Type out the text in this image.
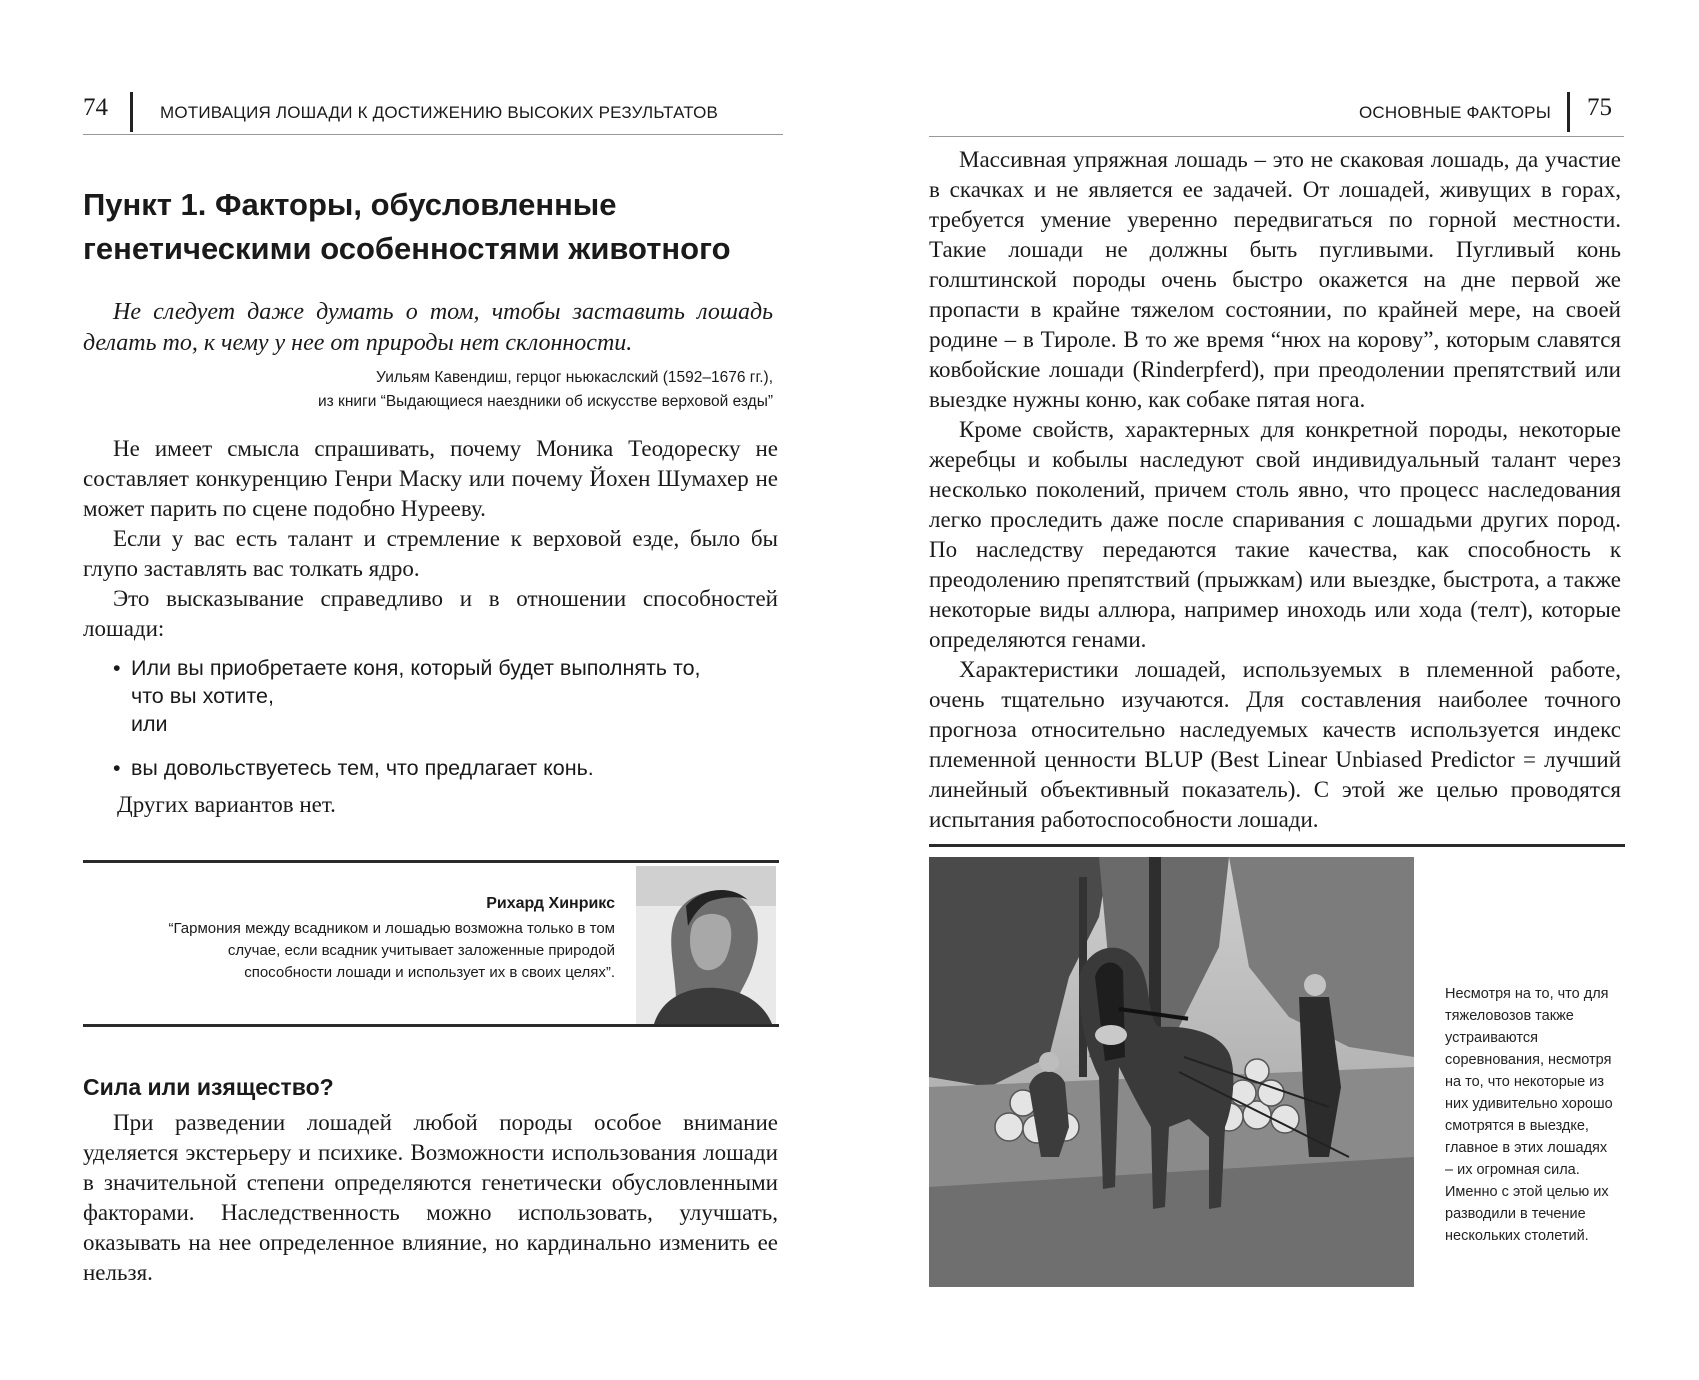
74	МОТИВАЦИЯ ЛОШАДИ К ДОСТИЖЕНИЮ ВЫСОКИХ РЕЗУЛЬТАТОВ
Пункт 1. Факторы, обусловленные
генетическими особенностями животного
Не следует даже думать о том, чтобы заставить лошадь делать то, к чему у нее от природы нет склонности.
Уильям Кавендиш, герцог ньюкаслский (1592–1676 гг.),
из книги “Выдающиеся наездники об искусстве верховой езды”
Не имеет смысла спрашивать, почему Моника Теодореску не составляет конкуренцию Генри Маску или почему Йохен Шумахер не может парить по сцене подобно Нурееву.
Если у вас есть талант и стремление к верховой езде, было бы глупо заставлять вас толкать ядро.
Это высказывание справедливо и в отношении способностей лошади:
• Или вы приобретаете коня, который будет выполнять то,
что вы хотите,
или
• вы довольствуетесь тем, что предлагает конь.
Других вариантов нет.
Рихард Хинрикс
“Гармония между всадником и лошадью возможна только в том случае, если всадник учитывает заложенные природой способности лошади и использует их в своих целях”.
Сила или изящество?
При разведении лошадей любой породы особое внимание уделяется экстерьеру и психике. Возможности использования лошади в значительной степени определяются генетически обусловленными факторами. Наследственность можно использовать, улучшать, оказывать на нее определенное влияние, но кардинально изменить ее нельзя.
ОСНОВНЫЕ ФАКТОРЫ 75
Массивная упряжная лошадь – это не скаковая лошадь, да участие в скачках и не является ее задачей. От лошадей, живущих в горах, требуется умение уверенно передвигаться по горной местности. Такие лошади не должны быть пугливыми. Пугливый конь голштинской породы очень быстро окажется на дне первой же пропасти в крайне тяжелом состоянии, по крайней мере, на своей родине – в Тироле. В то же время “нюх на корову”, которым славятся ковбойские лошади (Rinderpferd), при преодолении препятствий или выездке нужны коню, как собаке пятая нога.
Кроме свойств, характерных для конкретной породы, некоторые жеребцы и кобылы наследуют свой индивидуальный талант через несколько поколений, причем столь явно, что процесс наследования легко проследить даже после спаривания с лошадьми других пород. По наследству передаются такие качества, как способность к преодолению препятствий (прыжкам) или выездке, быстрота, а также некоторые виды аллюра, например иноходь или хода (телт), которые определяются генами.
Характеристики лошадей, используемых в племенной работе, очень тщательно изучаются. Для составления наиболее точного прогноза относительно наследуемых качеств используется индекс племенной ценности BLUP (Best Linear Unbiased Predictor = лучший линейный объективный показатель). С этой же целью проводятся испытания работоспособности лошади.
Несмотря на то, что для тяжеловозов также устраиваются соревнования, несмотря на то, что некоторые из них удивительно хорошо смотрятся в выездке, главное в этих лошадях – их огромная сила. Именно с этой целью их разводили в течение нескольких столетий.
